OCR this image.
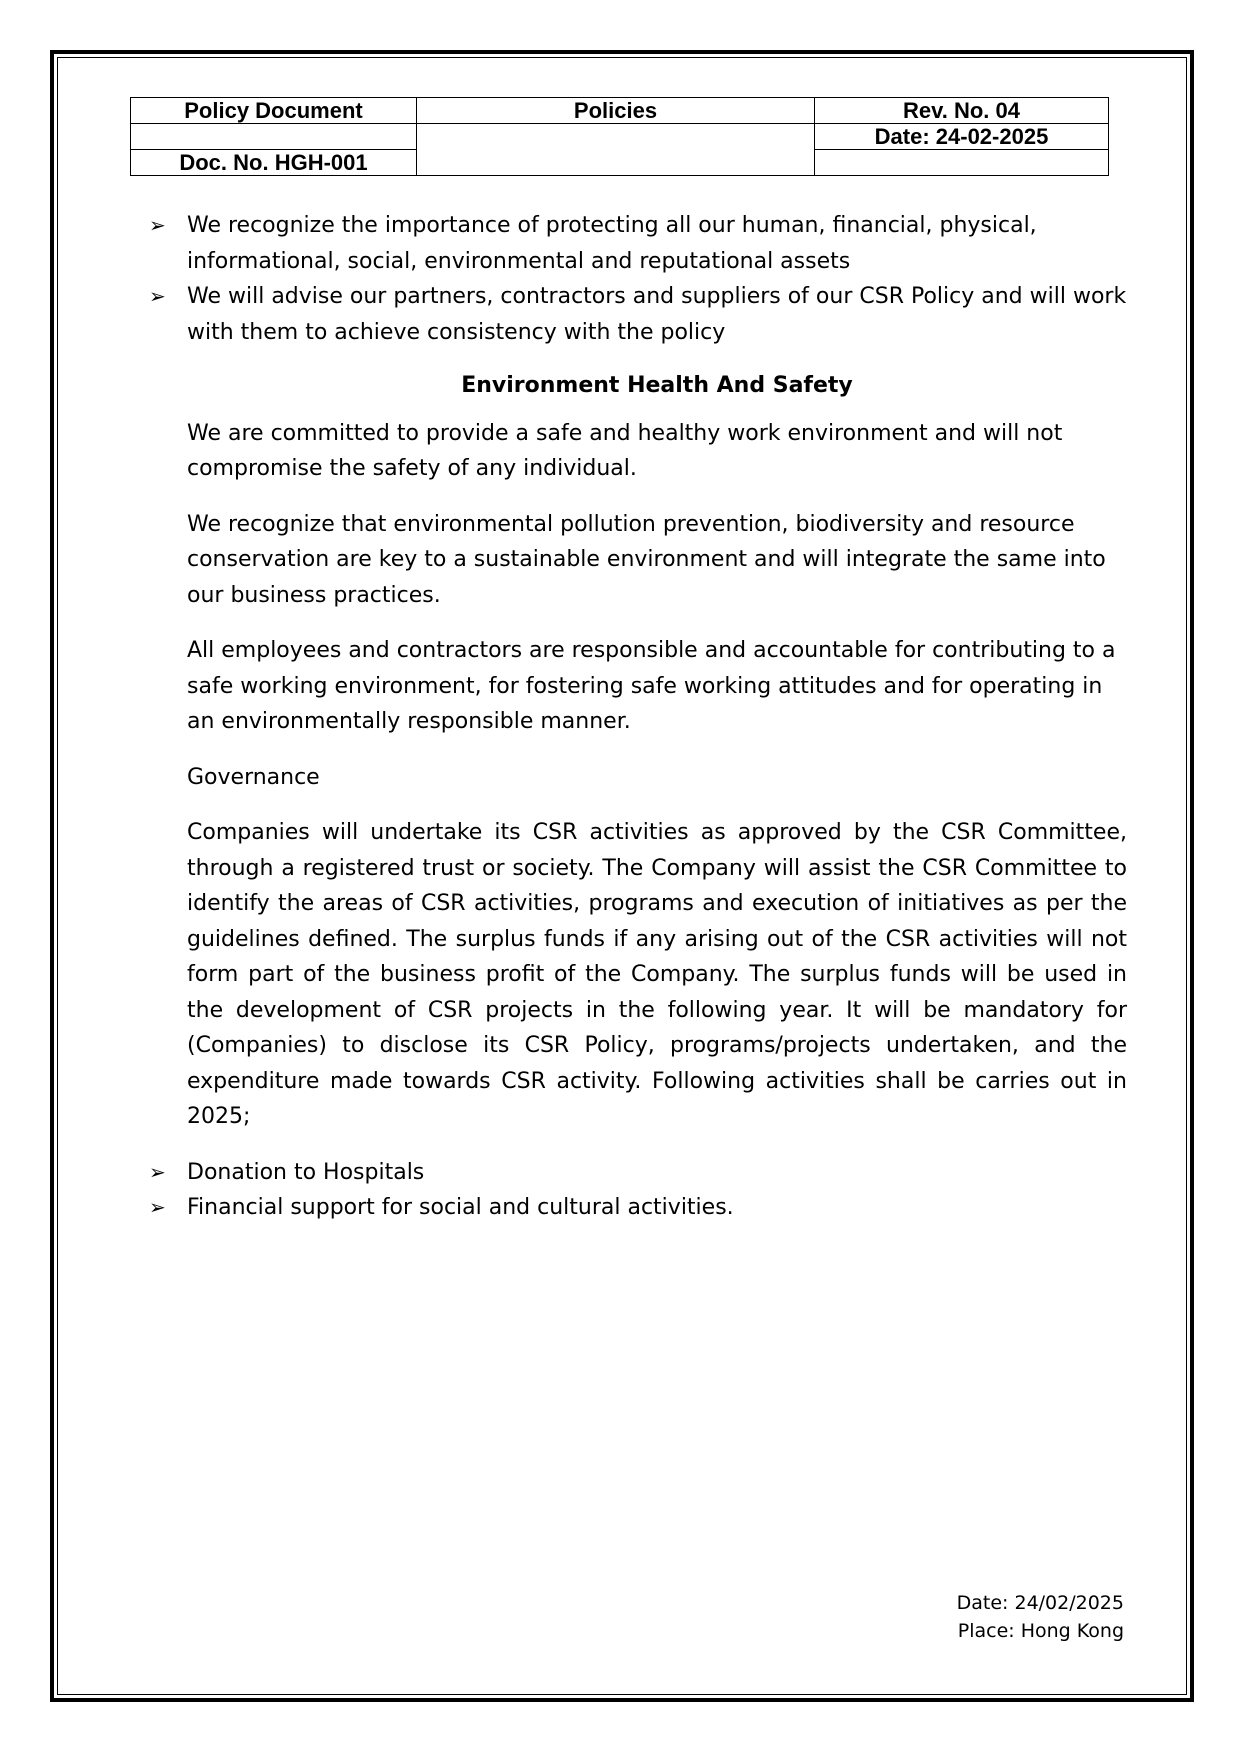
Policy Document	Policies	Rev. No. 04
		Date: 24-02-2025
Doc. No. HGH-001		
➢ We recognize the importance of protecting all our human, financial, physical, informational, social, environmental and reputational assets
➢ We will advise our partners, contractors and suppliers of our CSR Policy and will work with them to achieve consistency with the policy
Environment Health And Safety

We are committed to provide a safe and healthy work environment and will not compromise the safety of any individual.

We recognize that environmental pollution prevention, biodiversity and resource conservation are key to a sustainable environment and will integrate the same into our business practices.

All employees and contractors are responsible and accountable for contributing to a safe working environment, for fostering safe working attitudes and for operating in an environmentally responsible manner.

Governance

Companies will undertake its CSR activities as approved by the CSR Committee, through a registered trust or society. The Company will assist the CSR Committee to identify the areas of CSR activities, programs and execution of initiatives as per the guidelines defined. The surplus funds if any arising out of the CSR activities will not form part of the business profit of the Company. The surplus funds will be used in the development of CSR projects in the following year. It will be mandatory for (Companies) to disclose its CSR Policy, programs/projects undertaken, and the expenditure made towards CSR activity. Following activities shall be carries out in 2025;

➢ Donation to Hospitals
➢ Financial support for social and cultural activities.
Date: 24/02/2025
Place: Hong Kong
